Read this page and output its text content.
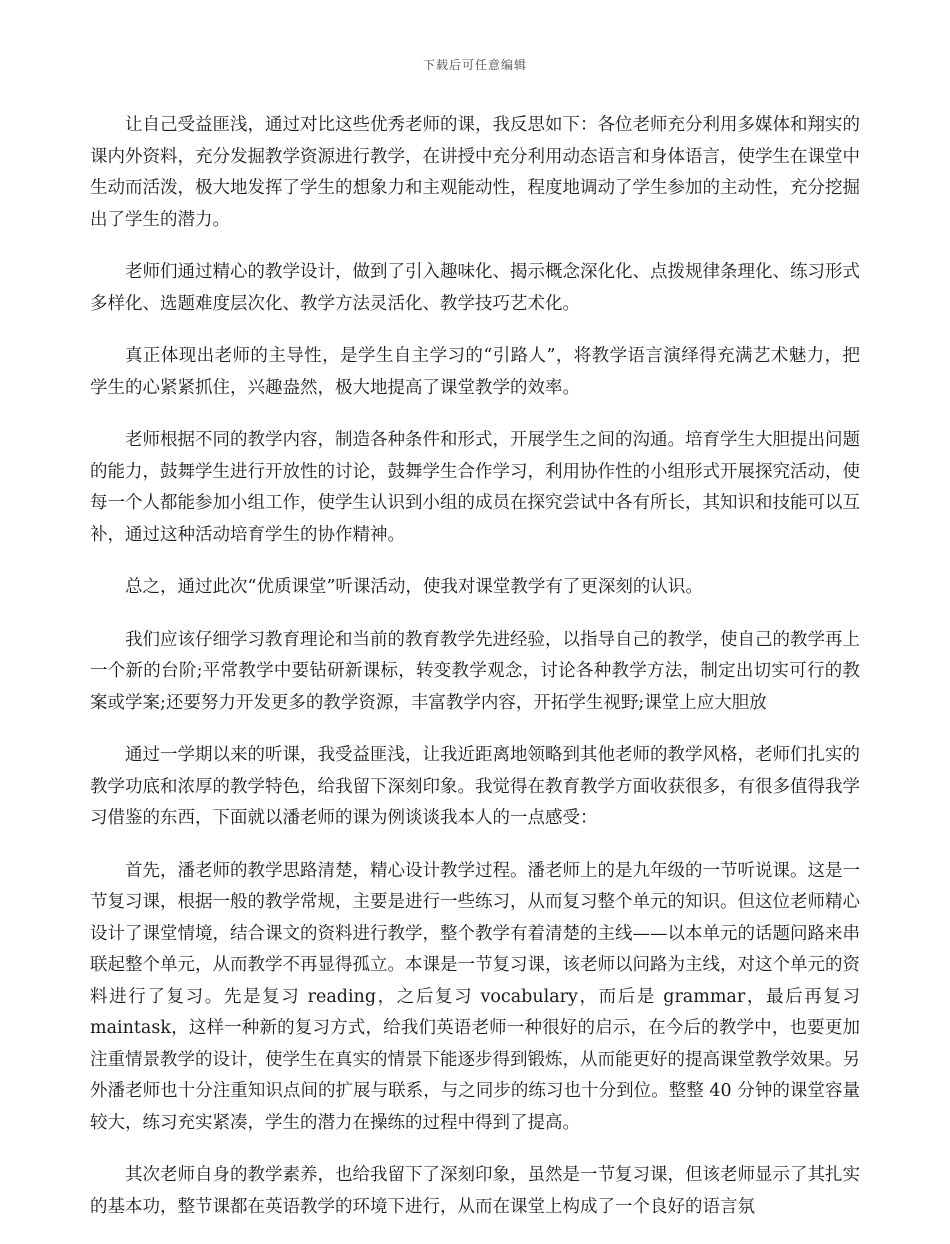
下载后可任意编辑

让自己受益匪浅，通过对比这些优秀老师的课，我反思如下：各位老师充分利用多媒体和翔实的课内外资料，充分发掘教学资源进行教学，在讲授中充分利用动态语言和身体语言，使学生在课堂中生动而活泼，极大地发挥了学生的想象力和主观能动性，程度地调动了学生参加的主动性，充分挖掘出了学生的潜力。

老师们通过精心的教学设计，做到了引入趣味化、揭示概念深化化、点拨规律条理化、练习形式多样化、选题难度层次化、教学方法灵活化、教学技巧艺术化。

真正体现出老师的主导性，是学生自主学习的“引路人”，将教学语言演绎得充满艺术魅力，把学生的心紧紧抓住，兴趣盎然，极大地提高了课堂教学的效率。

老师根据不同的教学内容，制造各种条件和形式，开展学生之间的沟通。培育学生大胆提出问题的能力，鼓舞学生进行开放性的讨论，鼓舞学生合作学习，利用协作性的小组形式开展探究活动，使每一个人都能参加小组工作，使学生认识到小组的成员在探究尝试中各有所长，其知识和技能可以互补，通过这种活动培育学生的协作精神。

总之，通过此次“优质课堂”听课活动，使我对课堂教学有了更深刻的认识。

我们应该仔细学习教育理论和当前的教育教学先进经验，以指导自己的教学，使自己的教学再上一个新的台阶;平常教学中要钻研新课标，转变教学观念，讨论各种教学方法，制定出切实可行的教案或学案;还要努力开发更多的教学资源，丰富教学内容，开拓学生视野;课堂上应大胆放

通过一学期以来的听课，我受益匪浅，让我近距离地领略到其他老师的教学风格，老师们扎实的教学功底和浓厚的教学特色，给我留下深刻印象。我觉得在教育教学方面收获很多，有很多值得我学习借鉴的东西，下面就以潘老师的课为例谈谈我本人的一点感受：

首先，潘老师的教学思路清楚，精心设计教学过程。潘老师上的是九年级的一节听说课。这是一节复习课，根据一般的教学常规，主要是进行一些练习，从而复习整个单元的知识。但这位老师精心设计了课堂情境，结合课文的资料进行教学，整个教学有着清楚的主线——以本单元的话题问路来串联起整个单元，从而教学不再显得孤立。本课是一节复习课，该老师以问路为主线，对这个单元的资料进行了复习。先是复习 reading，之后复习 vocabulary，而后是 grammar，最后再复习 maintask，这样一种新的复习方式，给我们英语老师一种很好的启示，在今后的教学中，也要更加注重情景教学的设计，使学生在真实的情景下能逐步得到锻炼，从而能更好的提高课堂教学效果。另外潘老师也十分注重知识点间的扩展与联系，与之同步的练习也十分到位。整整 40 分钟的课堂容量较大，练习充实紧凑，学生的潜力在操练的过程中得到了提高。

其次老师自身的教学素养，也给我留下了深刻印象，虽然是一节复习课，但该老师显示了其扎实的基本功，整节课都在英语教学的环境下进行，从而在课堂上构成了一个良好的语言氛
